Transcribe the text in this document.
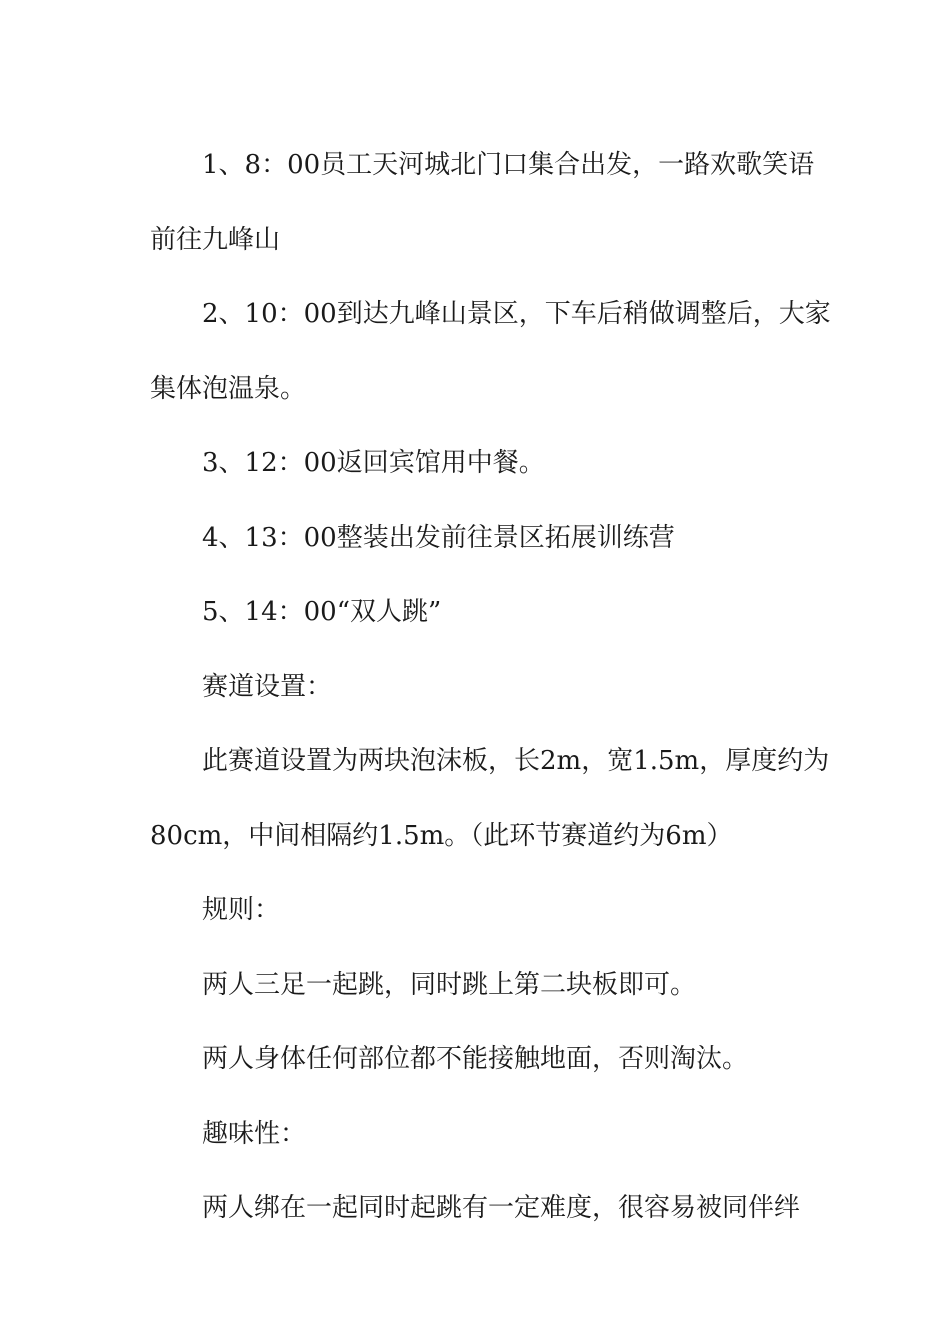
1、8：00员工天河城北门口集合出发，一路欢歌笑语

前往九峰山

2、10：00到达九峰山景区，下车后稍做调整后，大家

集体泡温泉。

3、12：00返回宾馆用中餐。

4、13：00整装出发前往景区拓展训练营

5、14：00“双人跳”

赛道设置：

此赛道设置为两块泡沫板，长2m，宽1.5m，厚度约为

80cm，中间相隔约1.5m。（此环节赛道约为6m）

规则：

两人三足一起跳，同时跳上第二块板即可。

两人身体任何部位都不能接触地面，否则淘汰。

趣味性：

两人绑在一起同时起跳有一定难度，很容易被同伴绊
